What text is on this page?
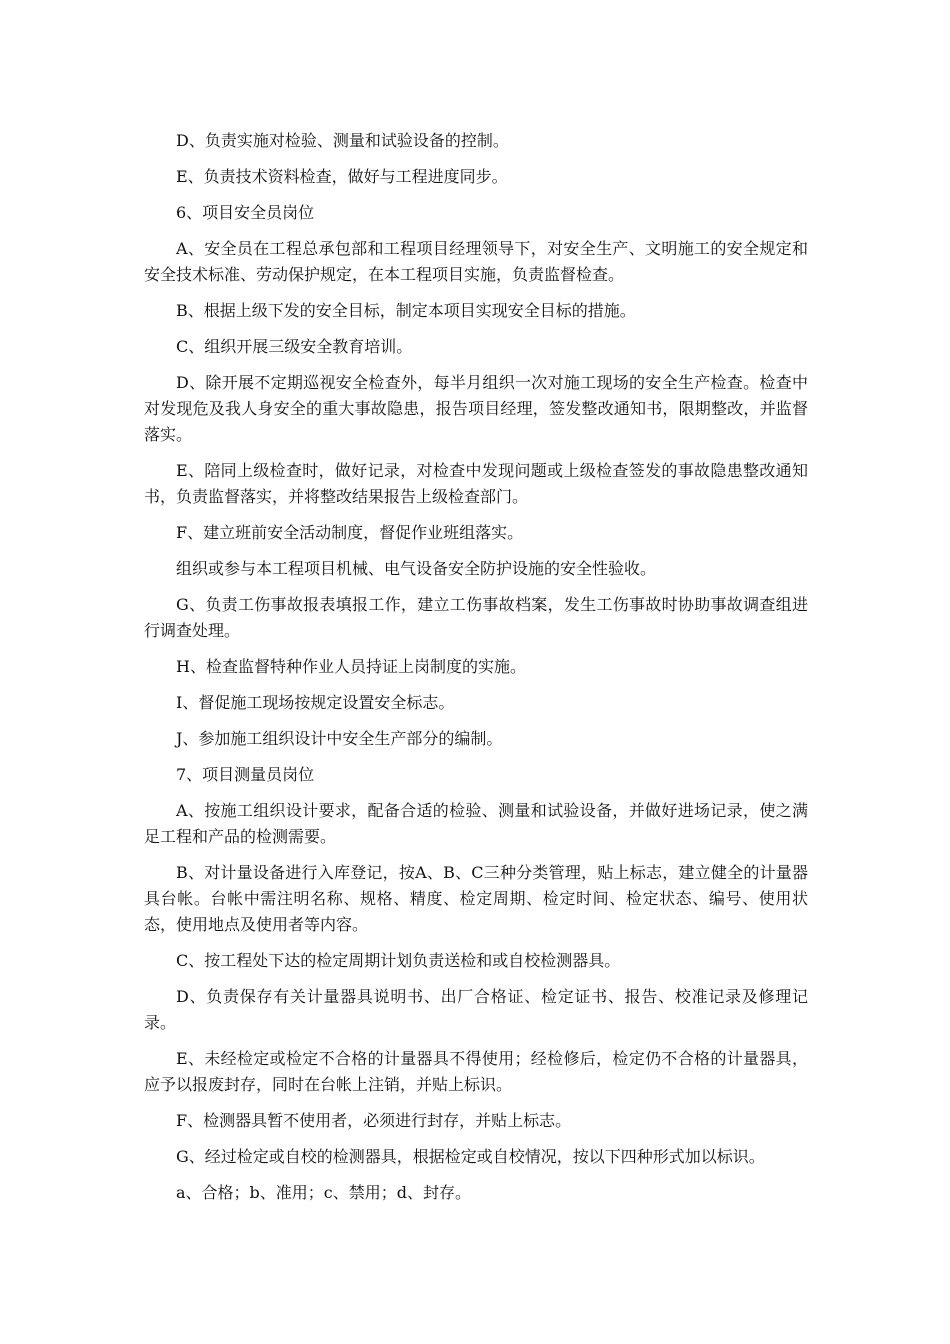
D、负责实施对检验、测量和试验设备的控制。

E、负责技术资料检查，做好与工程进度同步。

6、项目安全员岗位

A、安全员在工程总承包部和工程项目经理领导下，对安全生产、文明施工的安全规定和安全技术标准、劳动保护规定，在本工程项目实施，负责监督检查。

B、根据上级下发的安全目标，制定本项目实现安全目标的措施。

C、组织开展三级安全教育培训。

D、除开展不定期巡视安全检查外，每半月组织一次对施工现场的安全生产检查。检查中对发现危及我人身安全的重大事故隐患，报告项目经理，签发整改通知书，限期整改，并监督落实。

E、陪同上级检查时，做好记录，对检查中发现问题或上级检查签发的事故隐患整改通知书，负责监督落实，并将整改结果报告上级检查部门。

F、建立班前安全活动制度，督促作业班组落实。

组织或参与本工程项目机械、电气设备安全防护设施的安全性验收。

G、负责工伤事故报表填报工作，建立工伤事故档案，发生工伤事故时协助事故调查组进行调查处理。

H、检查监督特种作业人员持证上岗制度的实施。

I、督促施工现场按规定设置安全标志。

J、参加施工组织设计中安全生产部分的编制。

7、项目测量员岗位

A、按施工组织设计要求，配备合适的检验、测量和试验设备，并做好进场记录，使之满足工程和产品的检测需要。

B、对计量设备进行入库登记，按A、B、C三种分类管理，贴上标志，建立健全的计量器具台帐。台帐中需注明名称、规格、精度、检定周期、检定时间、检定状态、编号、使用状态，使用地点及使用者等内容。

C、按工程处下达的检定周期计划负责送检和或自校检测器具。

D、负责保存有关计量器具说明书、出厂合格证、检定证书、报告、校准记录及修理记录。

E、未经检定或检定不合格的计量器具不得使用；经检修后，检定仍不合格的计量器具，应予以报废封存，同时在台帐上注销，并贴上标识。

F、检测器具暂不使用者，必须进行封存，并贴上标志。

G、经过检定或自校的检测器具，根据检定或自校情况，按以下四种形式加以标识。

a、合格；b、准用；c、禁用；d、封存。
